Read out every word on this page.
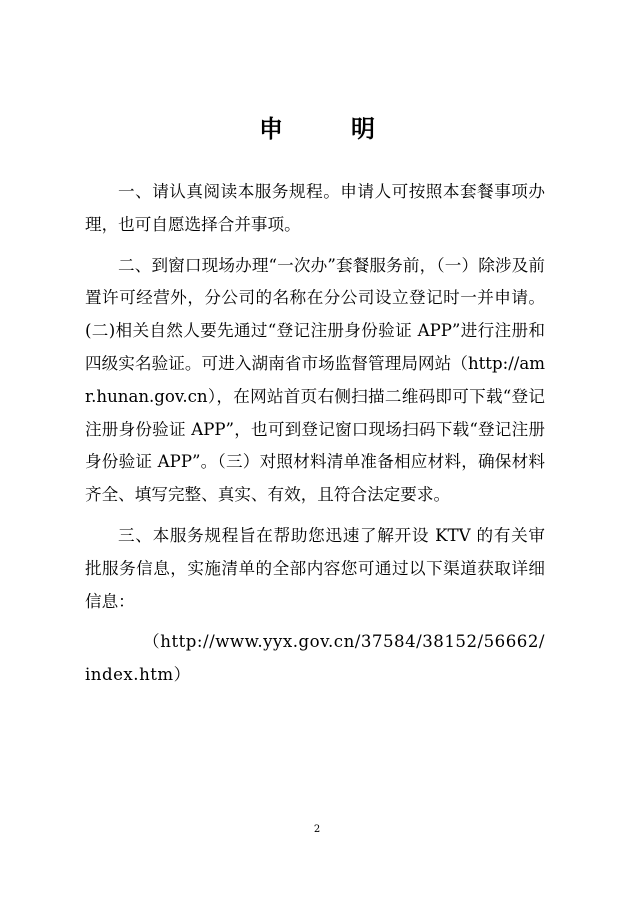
申　明

一、请认真阅读本服务规程。申请人可按照本套餐事项办理，也可自愿选择合并事项。

二、到窗口现场办理“一次办”套餐服务前，（一）除涉及前置许可经营外，分公司的名称在分公司设立登记时一并申请。(二)相关自然人要先通过“登记注册身份验证 APP”进行注册和四级实名验证。可进入湖南省市场监督管理局网站（http://amr.hunan.gov.cn），在网站首页右侧扫描二维码即可下载“登记注册身份验证 APP”，也可到登记窗口现场扫码下载“登记注册身份验证 APP”。（三）对照材料清单准备相应材料，确保材料齐全、填写完整、真实、有效，且符合法定要求。

三、本服务规程旨在帮助您迅速了解开设 KTV 的有关审批服务信息，实施清单的全部内容您可通过以下渠道获取详细信息：

（http://www.yyx.gov.cn/37584/38152/56662/index.htm）

2
